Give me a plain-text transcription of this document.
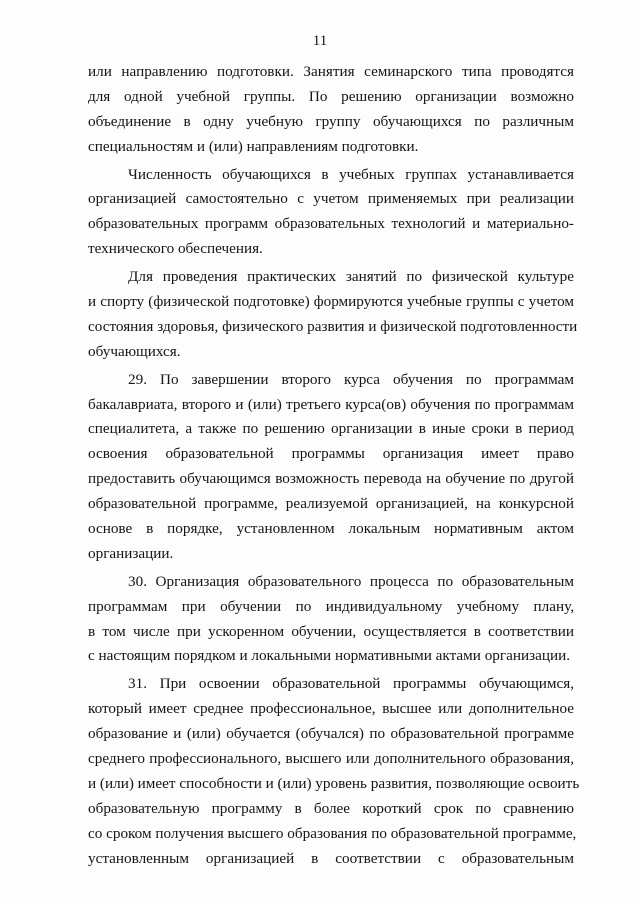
11
или направлению подготовки. Занятия семинарского типа проводятся
для одной учебной группы. По решению организации возможно
объединение в одну учебную группу обучающихся по различным
специальностям и (или) направлениям подготовки.
Численность обучающихся в учебных группах устанавливается
организацией самостоятельно с учетом применяемых при реализации
образовательных программ образовательных технологий и материально-
технического обеспечения.
Для проведения практических занятий по физической культуре
и спорту (физической подготовке) формируются учебные группы с учетом
состояния здоровья, физического развития и физической подготовленности
обучающихся.
29. По завершении второго курса обучения по программам
бакалавриата, второго и (или) третьего курса(ов) обучения по программам
специалитета, а также по решению организации в иные сроки в период
освоения образовательной программы организация имеет право
предоставить обучающимся возможность перевода на обучение по другой
образовательной программе, реализуемой организацией, на конкурсной
основе в порядке, установленном локальным нормативным актом
организации.
30. Организация образовательного процесса по образовательным
программам при обучении по индивидуальному учебному плану,
в том числе при ускоренном обучении, осуществляется в соответствии
с настоящим порядком и локальными нормативными актами организации.
31. При освоении образовательной программы обучающимся,
который имеет среднее профессиональное, высшее или дополнительное
образование и (или) обучается (обучался) по образовательной программе
среднего профессионального, высшего или дополнительного образования,
и (или) имеет способности и (или) уровень развития, позволяющие освоить
образовательную программу в более короткий срок по сравнению
со сроком получения высшего образования по образовательной программе,
установленным организацией в соответствии с образовательным
